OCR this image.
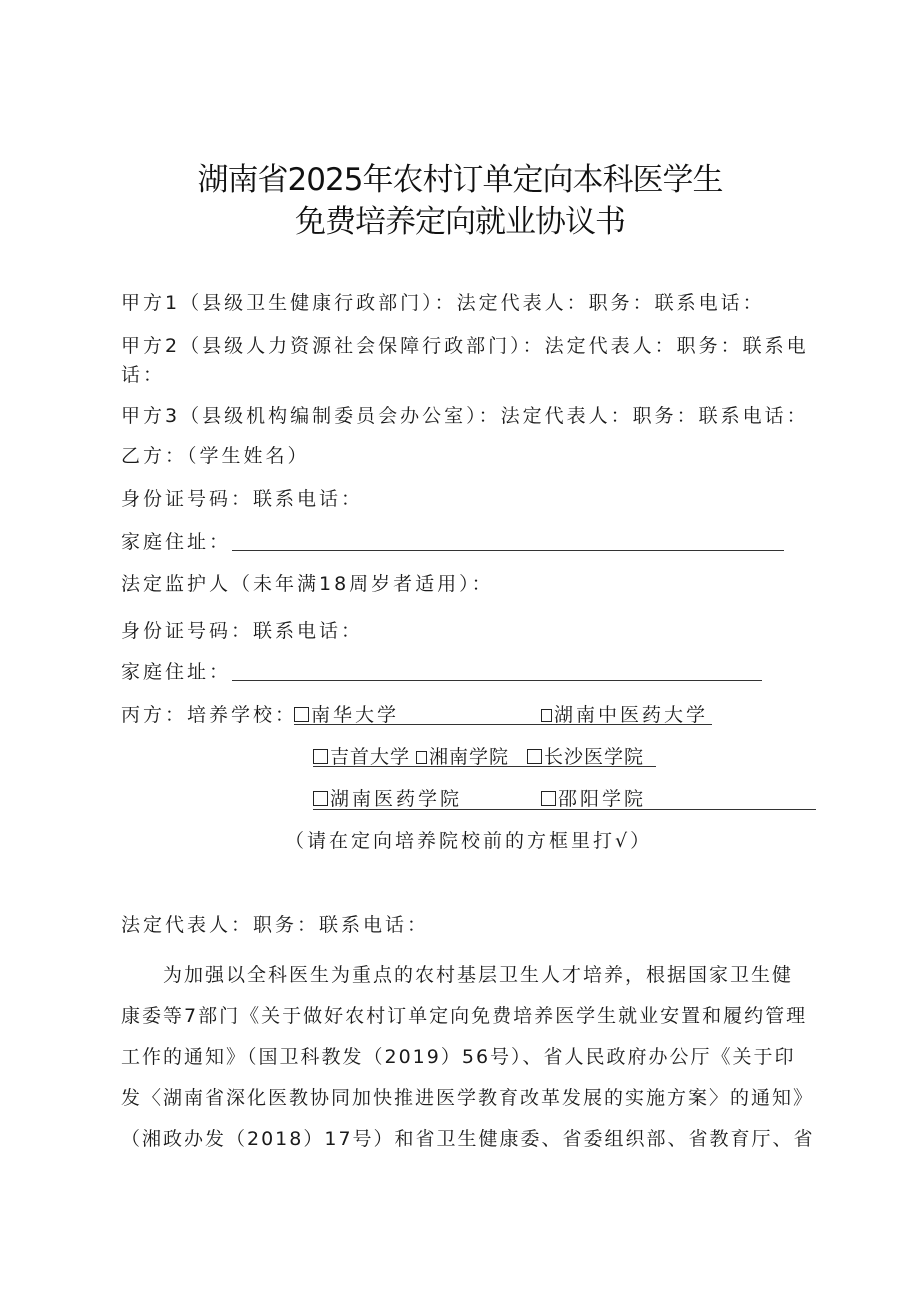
湖南省2025年农村订单定向本科医学生
免费培养定向就业协议书
甲方1（县级卫生健康行政部门）：法定代表人：职务：联系电话：
甲方2（县级人力资源社会保障行政部门）：法定代表人：职务：联系电
话：
甲方3（县级机构编制委员会办公室）：法定代表人：职务：联系电话：
乙方：（学生姓名）
身份证号码：联系电话：
家庭住址：
法定监护人（未年满18周岁者适用）：
身份证号码：联系电话：
家庭住址：
丙方：培养学校： 南华大学	湖南中医药大学
吉首大学 湘南学院	长沙医学院
湖南医药学院	邵阳学院
（请在定向培养院校前的方框里打√）
法定代表人：职务：联系电话：
为加强以全科医生为重点的农村基层卫生人才培养，根据国家卫生健
康委等7部门《关于做好农村订单定向免费培养医学生就业安置和履约管理
工作的通知》（国卫科教发（2019）56号）、省人民政府办公厅《关于印
发〈湖南省深化医教协同加快推进医学教育改革发展的实施方案〉的通知》
（湘政办发（2018）17号）和省卫生健康委、省委组织部、省教育厅、省
